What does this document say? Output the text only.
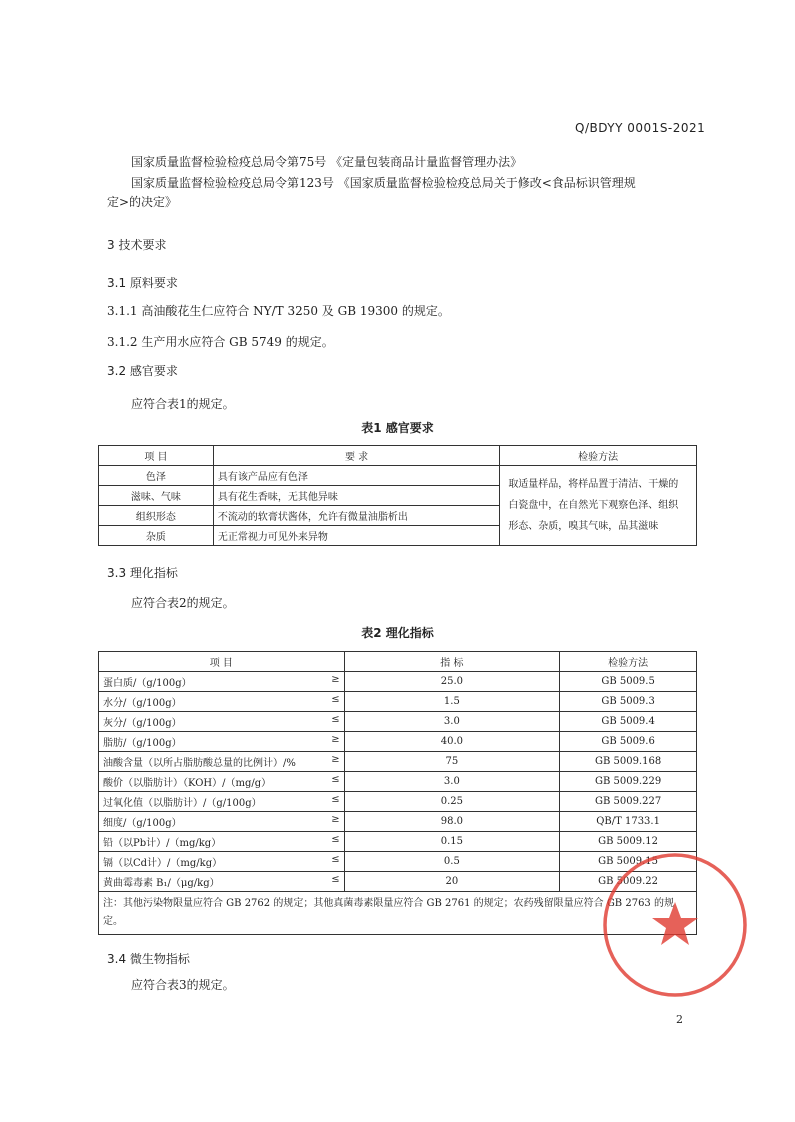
Q/BDYY 0001S-2021
国家质量监督检验检疫总局令第75号 《定量包装商品计量监督管理办法》
国家质量监督检验检疫总局令第123号 《国家质量监督检验检疫总局关于修改<食品标识管理规
定>的决定》
3 技术要求
3.1 原料要求
3.1.1 高油酸花生仁应符合 NY/T 3250 及 GB 19300 的规定。
3.1.2 生产用水应符合 GB 5749 的规定。
3.2 感官要求
应符合表1的规定。
表1 感官要求
项 目	要 求	检验方法
色泽	具有该产品应有色泽	取适量样品，将样品置于清洁、干燥的白瓷盘中，在自然光下观察色泽、组织形态、杂质，嗅其气味，品其滋味
滋味、气味	具有花生香味，无其他异味	
组织形态	不流动的软膏状酱体，允许有微量油脂析出	
杂质	无正常视力可见外来异物	
3.3 理化指标
应符合表2的规定。
表2 理化指标
项 目	指 标	检验方法

蛋白质/（g/100g） ≥	25.0	GB 5009.5

水分/（g/100g） ≤	1.5	GB 5009.3

灰分/（g/100g） ≤	3.0	GB 5009.4

脂肪/（g/100g） ≥	40.0	GB 5009.6

油酸含量（以所占脂肪酸总量的比例计）/% ≥	75	GB 5009.168

酸价（以脂肪计）（KOH）/（mg/g） ≤	3.0	GB 5009.229

过氧化值（以脂肪计）/（g/100g） ≤	0.25	GB 5009.227

细度/（g/100g） ≥	98.0	QB/T 1733.1

铅（以Pb计）/（mg/kg） ≤	0.15	GB 5009.12

镉（以Cd计）/（mg/kg） ≤	0.5	GB 5009.15

黄曲霉毒素 B₁/（μg/kg） ≤	20	GB 5009.22
注：其他污染物限量应符合 GB 2762 的规定；其他真菌毒素限量应符合 GB 2761 的规定；农药残留限量应符合 GB 2763 的规定。		
3.4 微生物指标
应符合表3的规定。
2
